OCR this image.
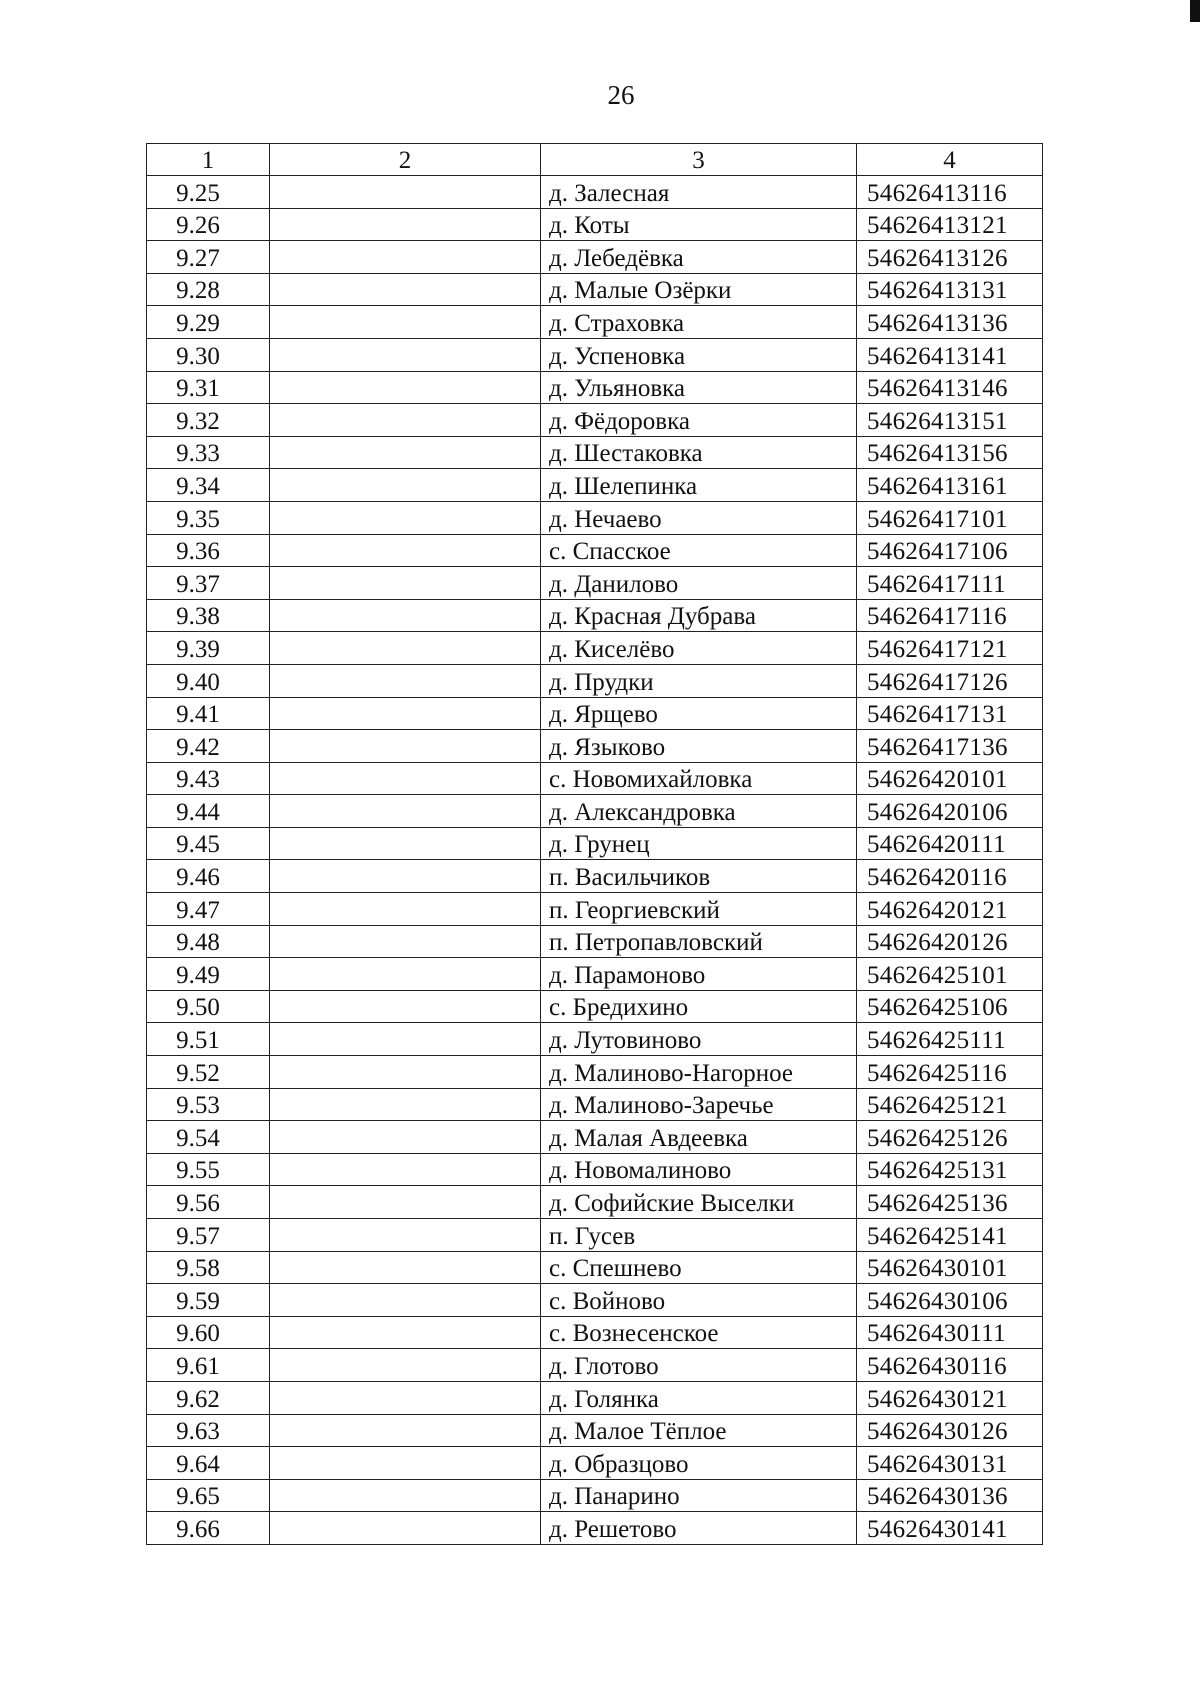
26
1	2	3	4
9.25		д. Залесная	54626413116
9.26		д. Коты	54626413121
9.27		д. Лебедёвка	54626413126
9.28		д. Малые Озёрки	54626413131
9.29		д. Страховка	54626413136
9.30		д. Успеновка	54626413141
9.31		д. Ульяновка	54626413146
9.32		д. Фёдоровка	54626413151
9.33		д. Шестаковка	54626413156
9.34		д. Шелепинка	54626413161
9.35		д. Нечаево	54626417101
9.36		с. Спасское	54626417106
9.37		д. Данилово	54626417111
9.38		д. Красная Дубрава	54626417116
9.39		д. Киселёво	54626417121
9.40		д. Прудки	54626417126
9.41		д. Ярщево	54626417131
9.42		д. Языково	54626417136
9.43		с. Новомихайловка	54626420101
9.44		д. Александровка	54626420106
9.45		д. Грунец	54626420111
9.46		п. Васильчиков	54626420116
9.47		п. Георгиевский	54626420121
9.48		п. Петропавловский	54626420126
9.49		д. Парамоново	54626425101
9.50		с. Бредихино	54626425106
9.51		д. Лутовиново	54626425111
9.52		д. Малиново-Нагорное	54626425116
9.53		д. Малиново-Заречье	54626425121
9.54		д. Малая Авдеевка	54626425126
9.55		д. Новомалиново	54626425131
9.56		д. Софийские Выселки	54626425136
9.57		п. Гусев	54626425141
9.58		с. Спешнево	54626430101
9.59		с. Войново	54626430106
9.60		с. Вознесенское	54626430111
9.61		д. Глотово	54626430116
9.62		д. Голянка	54626430121
9.63		д. Малое Тёплое	54626430126
9.64		д. Образцово	54626430131
9.65		д. Панарино	54626430136
9.66		д. Решетово	54626430141
